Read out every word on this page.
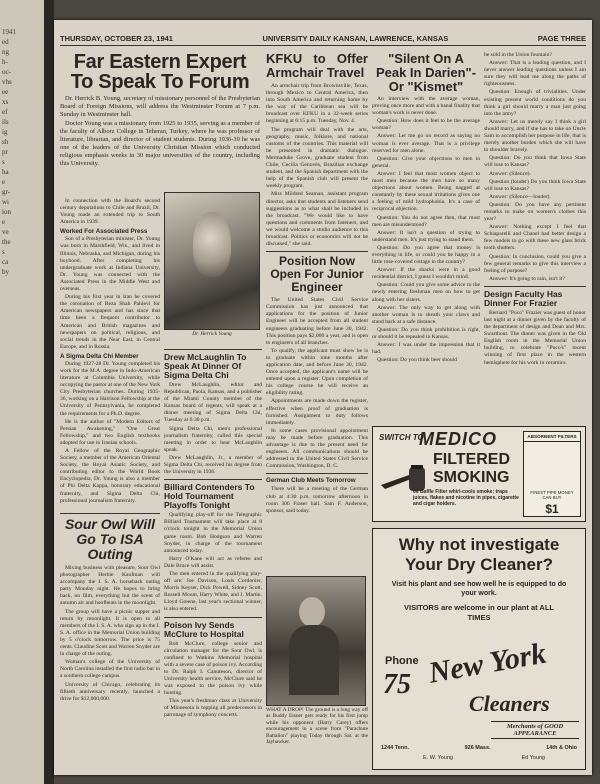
1941
ed
ng
h-
oc-
vhs
ee
xs
ef
ils
ig
sh
pr
s
ha
e
gr-
wi
ion
e
ve
the
s
ca
by
THURSDAY, OCTOBER 23, 1941	UNIVERSITY DAILY KANSAN, LAWRENCE, KANSAS	PAGE THREE
Far Eastern Expert To Speak To Forum

Dr. Herrick B. Young, secretary of missionary personnel of the Presbyterian Board of Foreign Missions, will address the Westminster Forum at 7 p.m. Sunday in Westminster hall.

Doctor Young was a missionary from 1925 to 1935, serving as a member of the faculty of Alborz College in Teheran, Turkey, where he was professor of literature, librarian, and director of student students. During 1936-39 he was one of the leaders of the University Christian Mission which conducted religious emphasis weeks in 30 major universities of the country, including this University.

In connection with the Board's second century deputations to Chile and Brazil, Dr. Young made an extended trip to South America in 1939.

Worked For Associated Press

Son of a Presbyterian minister, Dr. Young was born in Marshfield, Wis., and lived in Illinois, Nebraska, and Michigan, during his boyhood. After completing his undergraduate work at Indiana University, Dr. Young was connected with the Associated Press in the Middle West and overseas.

During his first year in Iran he covered the coronation of Reza Shah Pahlevi for American newspapers and has since that time been a frequent contributor to American and British magazines and newspapers on political, religious, and social trends in the Near East, in Central Europe, and in Russia.

A Sigma Delta Chi Member

During 1927-28 Dr. Young completed his work for the M.A. degree in Indo-American literature at Columbia University, while occupying the pastor at one of the New York City Presbyterian churches. During 1935-36, working on a Harrison Fellowship at the University of Pennsylvania, he completed the requirements for a Ph.D. degree.

He is the author of "Modern Editors of Persian Awakening," "One Great Fellowship," and two English textbooks adopted for use in Iranian schools.

A Fellow of the Royal Geographic Society, a member of the American Oriental Society, the Royal Asiatic Society, and contributing editor to the World Book Encyclopedia, Dr. Young is also a member of Phi Delta Kappa, honorary educational fraternity, and Sigma Delta Chi, professional journalism fraternity.

Dr. Herrick Young
Sour Owl Will Go To ISA Outing

Mixing business with pleasure, Sour Owl photographer Herbie Kaufman will accompany the I. S. A. horseback outing party Monday night. He hopes to bring back, on film, everything but the scent of autumn air and hoofbeats in the moonlight.

The group will have a picnic supper and return by moonlight. It is open to all members of the I. S. A. who sign up in the I. S. A. office in the Memorial Union building by 5 o'clock tomorrow. The price is 75 cents. Claudine Scott and Warren Snyder are in charge of the outing.

Woman's college of the University of North Carolina installed the first radio bar in a southern college campus.

University of Chicago, celebrating its fiftieth anniversary recently, launched a drive for $12,000,000.

Drew McLaughlin To Speak At Dinner Of Sigma Delta Chi

Drew McLaughlin, editor and Republican, Paola, Kansas, and a publisher of the Miami County member of the Kansas board of regents, will speak at a dinner meeting of Sigma Delta Chi, Tuesday at 6:30 p.m.

Sigma Delta Chi, men's professional journalism fraternity, called this special meeting in order to hear McLaughlin speak.

Drew McLaughlin, Jr., a member of Sigma Delta Chi, received his degree from the University in 1936.

Billiard Contenders To Hold Tournament Playoffs Tonight

Qualifying play-off for the Telegraphic Billiard Tournament will take place at 8 o'clock tonight in the Memorial Union game room. Bob Hodgson and Warren Snyder, in charge of the tournament announced today.

Harry O'Kane will act as referee and Dale Bruce will assist.

The men entered in the qualifying play-off are: Joe Davison, Louis Cordonier, Morris Keyser, Dick Powell, Sidney Scott, Russell Mount, Harry White, and J. Martin. Lloyd Greene, last year's sectional winner, is also entered.

Poison Ivy Sends McClure to Hospital

Bob McClure, college senior and circulation manager for the Sour Owl, is confined to Watkins Memorial hospital with a severe case of poison ivy. According to Dr. Ralph I. Canuteson, director of University health service, McClure said he was exposed to the poison ivy while hunting.

This year's freshman class at University of Minnesota is topping all predecessors in patronage of symphony concerts.

KFKU to Offer Armchair Travel

An armchair trip from Brownsville, Texas, through Mexico to Central America, then into South America and returning home by the way of the Caribbean sea will be broadcast over KFKU in a 32-week series beginning at 6:15 p.m. Tuesday, Nov. 4.

The program will deal with the arts, geography, music, folklore, and national customs of the countries. This material will be presented in dramatic dialogue. Mermaduke Grove, graduate student from Chile, Cecilia Genovès, Brazilian exchange student, and the Spanish department with the help of the Spanish club will present the weekly program.

Miss Mildred Seaman, assistant program director, asks that students and listeners send suggestions as to what shall be included in the broadcast. "We would like to have questions and comments from listeners, and we would welcome a studio audience to this broadcast. Politics or economics will not be discussed," she said.

Position Now Open For Junior Engineer

The United States Civil Service Commission has just announced that applications for the position of Junior Engineer will be accepted from all student engineers graduating before June 30, 1942. This position pays $2,000 a year, and is open to engineers of all branches.

To qualify, the applicant must show he is to graduate within nine months after application date, and before June 30, 1942. Once accepted, the applicant's name will be entered upon a register. Upon completion of his college course he will receive an eligibility rating.

Appointments are made down the register, effective when proof of graduation is furnished. Assignment to duty follows immediately.

In some cases provisional appointment may be made before graduation. This advantage is due to the present need for engineers. All communications should be addressed to the United States Civil Service Commission, Washington, D. C.

German Club Meets Tomorrow

There will be a meeting of the German club at 4:30 p.m. tomorrow afternoon in room 306 Fraser hall. Sam F. Anderson, sponsor, said today.

WHAT A DROP! The ground is a long way off as Buddy Eisner gets ready for his first jump while his opponent (Harry Carey) offers encouragement in a scene from "Parachute Battalion" playing Today through Sat. at the Jayhawker.
"Silent On A Peak In Darien"-Or "Kismet"

An interview with the average woman, proving once more and with a banal finality that woman's work is never done.

Question: How does it feel to be the average woman?

Answer: Let me go on record as saying no woman is ever average. That is a privilege reserved for men alone.

Question: Give your objections to men in general.

Answer: I feel that most women object to most men because the men have so many objections about women. Being nagged at constantly by these sexual irritations gives one a feeling of mild hydrophobia. It's a case of reciprocal objection.

Question: You do not agree then, that most men are misunderstood?

Answer: It isn't a question of trying to understand men. It's just trying to stand them.

Question: Do you agree that money is everything in life, or could you be happy in a little rose-covered cottage in the country?

Answer: If the shacks were in a good residential district, I guess I wouldn't mind.

Question: Could you give some advice to the newly entering freshman men on how to get along with her sisters.

Answer: The only way to get along with another woman is to sheath your claws and stand back at a safe distance.

Question: Do you think prohibition is right, or should it be repealed in Kansas.

Answer: I was under the impression that it had.

Question: Do you think beer should

be sold in the Union fountain?

Answer: That is a leading question, and I never answer leading questions unless I am sure they will lead me along the paths of righteousness.

Question: Enough of trivialities. Under existing present world conditions do you think a girl should marry a man just going into the army?

Answer: Let us merely say I think a girl should marry, and if she has to take on Uncle Sam to accomplish her purpose in life, that is merely another burden which she will have to shoulder bravely.

Question: Do you think that Iowa State will lose to Kansas?

Answer: (Silence).

Question (louder) Do you think Iowa State will lose to Kansas?

Answer: (Silence—louder).

Question: Do you have any pertinent remarks to make on women's clothes this year?

Answer: Nothing except I feel that Schiaparelli and Chanel had better design a few models to go with these new glass brick tooth shutters.

Question: In conclusion, could you give a few general remarks to give this interview a feeling of purpose?

Answer: It's going to rain, isn't it?

Design Faculty Has Dinner For Frazier

Bernard "Poco" Frazier was guest of honor last night at a dinner given by the faculty of the department of design and Dean and Mrs. Swarthout. The dinner was given in the Old English room in the Memorial Union building, to celebrate "Poco's" recent winning of first place in the western hemisphere for his work in ceramics.

SWITCH TO
MEDICO
FILTERED
SMOKING
66 Baffle Filter whirl-cools smoke; traps juices, flakes and nicotine in pipes, cigarette and cigar holders.
ABSORBENT FILTERS
FINEST PIPE MONEY CAN BUY
$1
Why not investigate Your Dry Cleaner?
Visit his plant and see how well he is equipped to do your work.
VISITORS are welcome in our plant at ALL TIMES
Phone
75 New York
Cleaners
Merchants of GOOD APPEARANCE
1244 Tenn.	926 Mass.	14th & Ohio
E. W. Young	Ed Young
